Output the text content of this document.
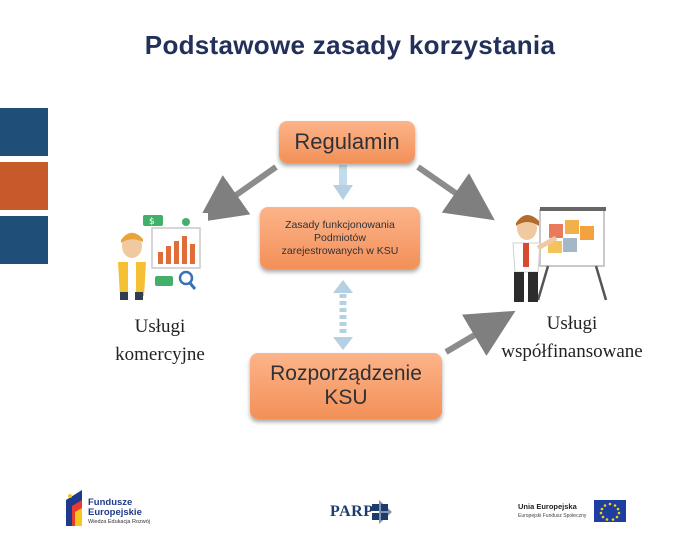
Podstawowe zasady korzystania
$
Regulamin
Zasady funkcjonowania
Podmiotów
zarejestrowanych w KSU
Rozporządzenie
KSU
Usługi
komercyjne
Usługi
współfinansowane
Fundusze
Europejskie
Wiedza Edukacja Rozwój
PARP	Unia Europejska
Europejski Fundusz Społeczny
